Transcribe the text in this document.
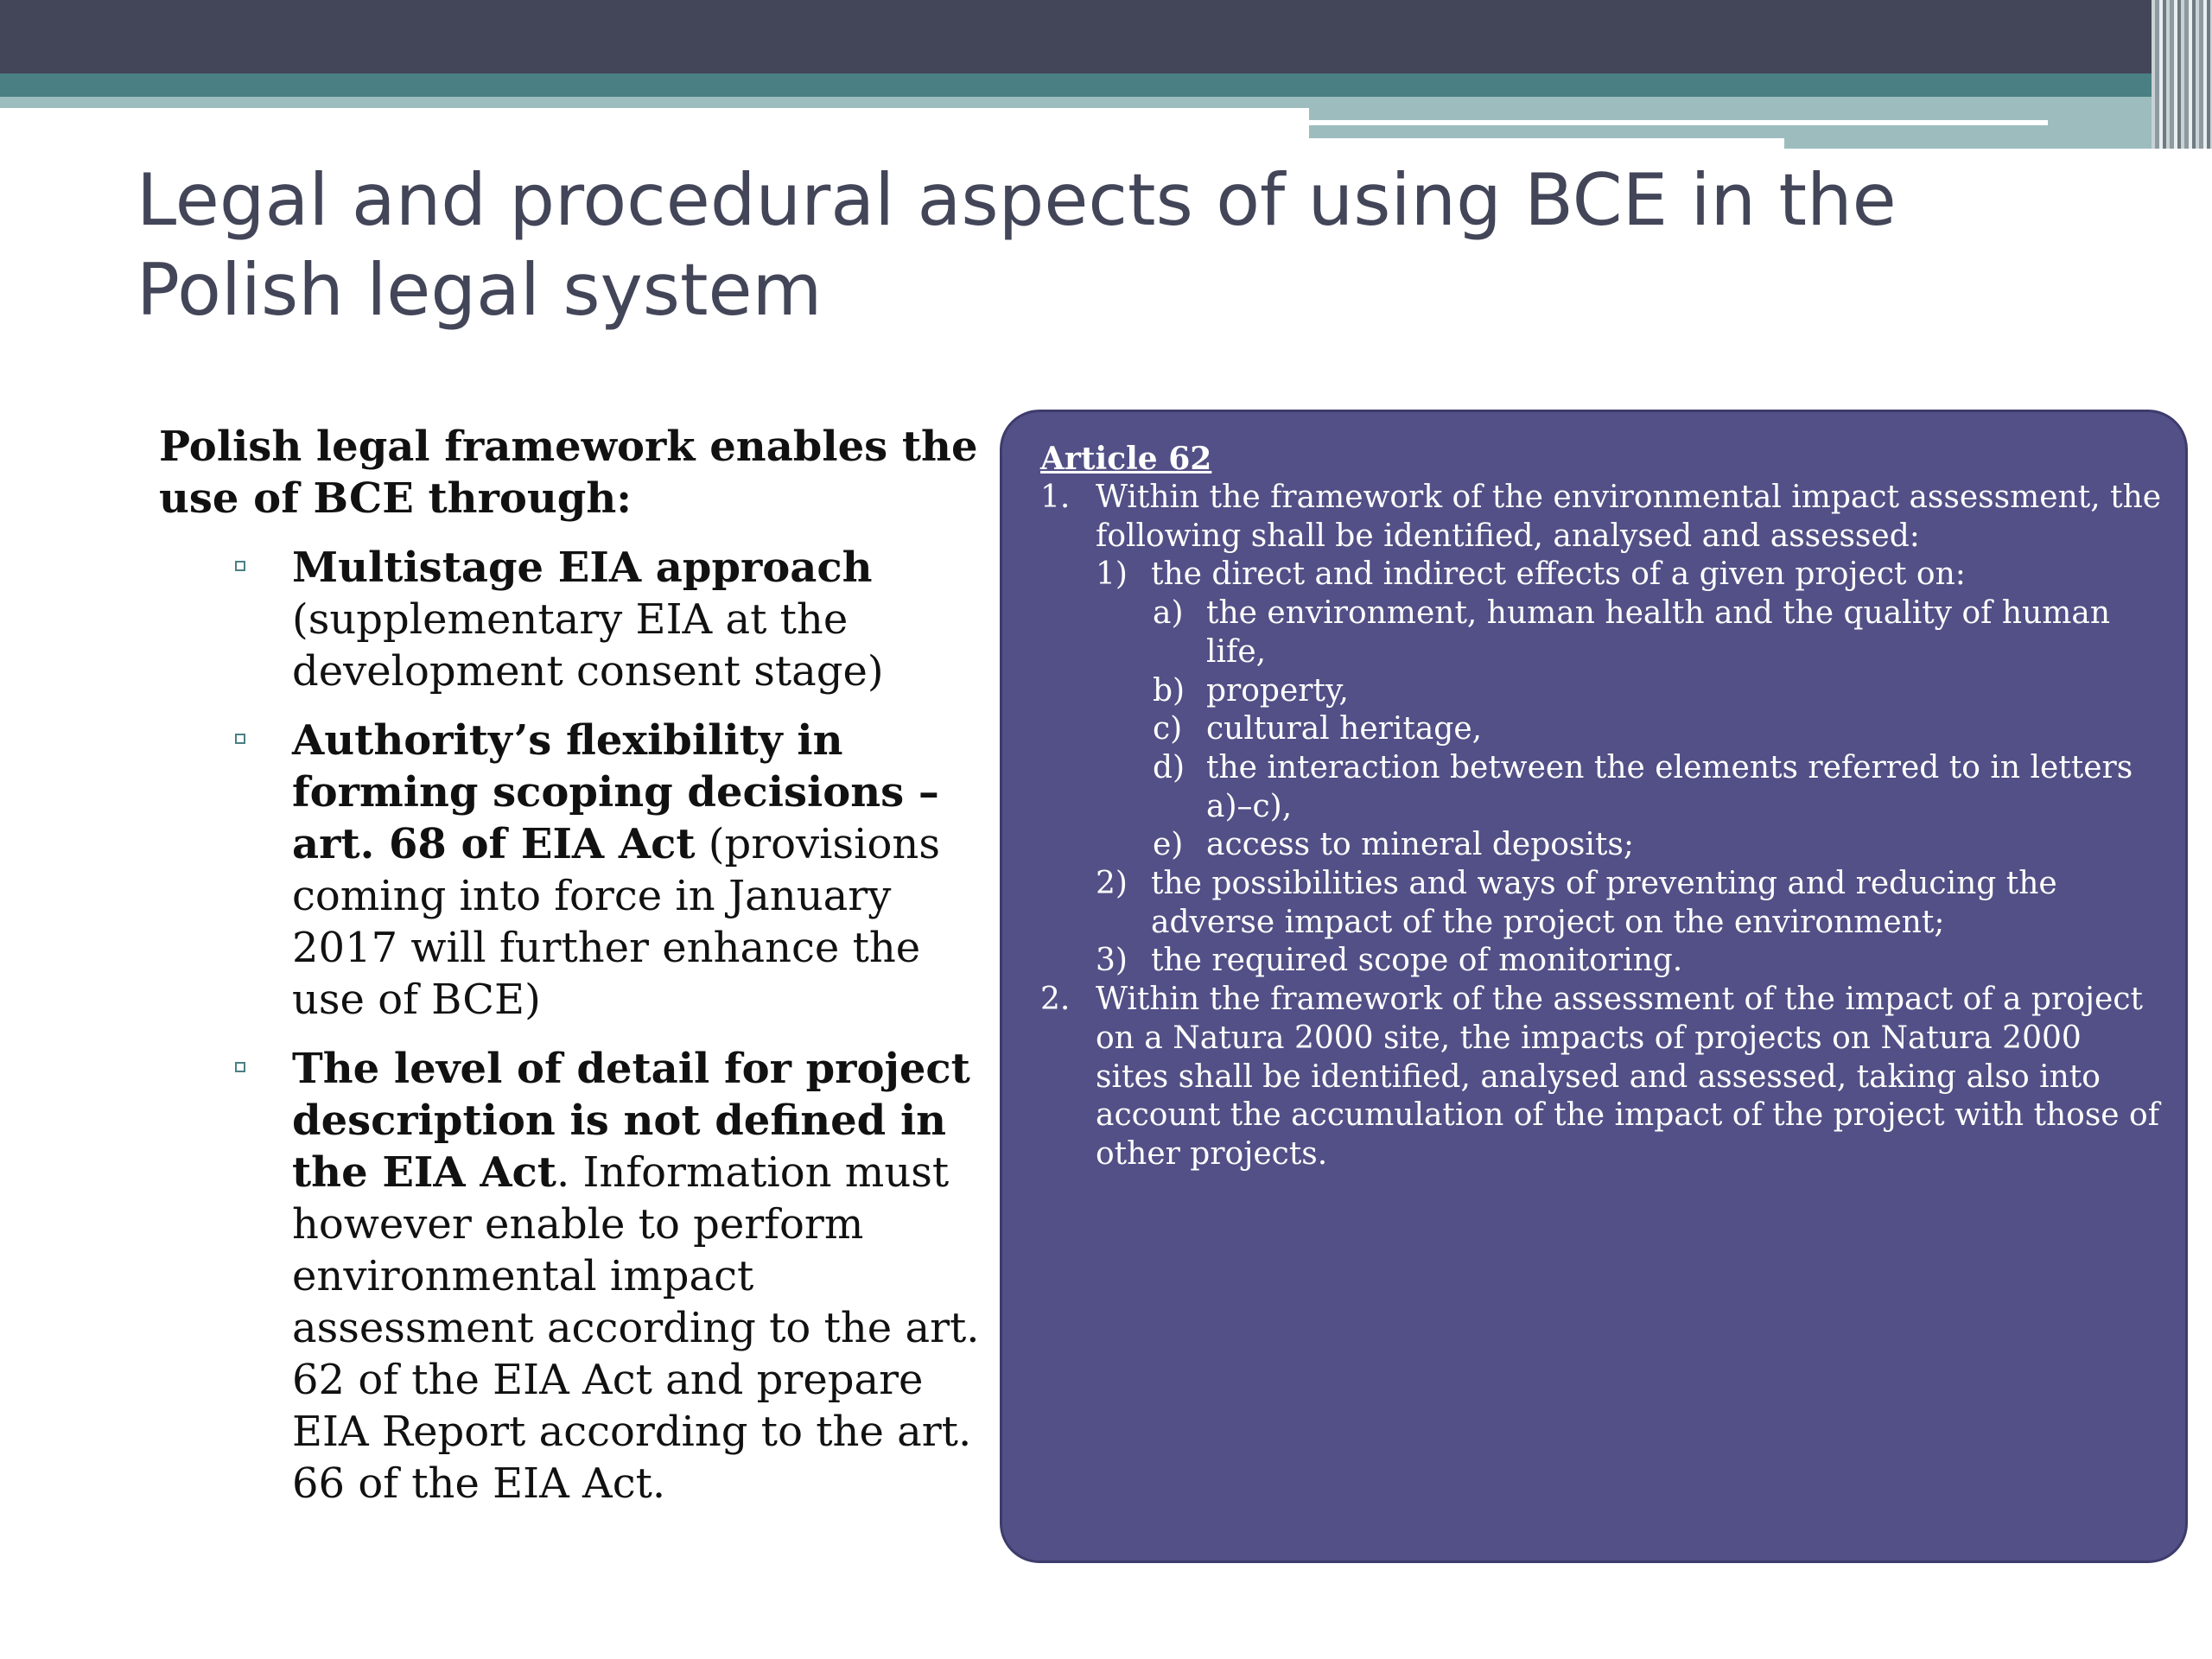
Legal and procedural aspects of using BCE in the Polish legal system

Polish legal framework enables the use of BCE through:

Multistage EIA approach (supplementary EIA at the development consent stage)
Authority’s flexibility in forming scoping decisions – art. 68 of EIA Act (provisions coming into force in January 2017 will further enhance the use of BCE)
The level of detail for project description is not defined in the EIA Act. Information must however enable to perform environmental impact assessment according to the art. 62 of the EIA Act and prepare EIA Report according to the art. 66 of the EIA Act.
Article 62
1. Within the framework of the environmental impact assessment, the following shall be identified, analysed and assessed:
1) the direct and indirect effects of a given project on:
a) the environment, human health and the quality of human life,
b) property,
c) cultural heritage,
d) the interaction between the elements referred to in letters a)–c),
e) access to mineral deposits;
2) the possibilities and ways of preventing and reducing the adverse impact of the project on the environment;
3) the required scope of monitoring.
2. Within the framework of the assessment of the impact of a project on a Natura 2000 site, the impacts of projects on Natura 2000 sites shall be identified, analysed and assessed, taking also into account the accumulation of the impact of the project with those of other projects.
